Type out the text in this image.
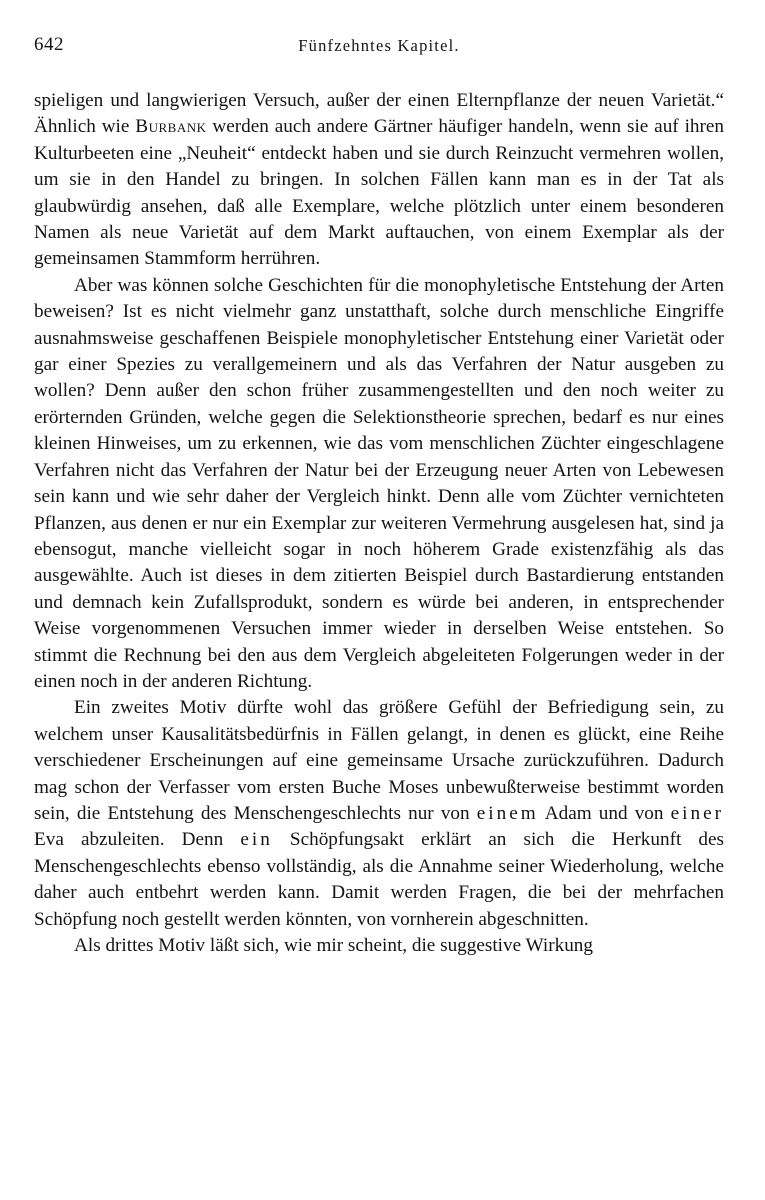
642	Fünfzehntes Kapitel.

spieligen und langwierigen Versuch, außer der einen Elternpflanze der neuen Varietät.“ Ähnlich wie Burbank werden auch andere Gärtner häufiger handeln, wenn sie auf ihren Kulturbeeten eine „Neuheit“ entdeckt haben und sie durch Reinzucht vermehren wollen, um sie in den Handel zu bringen. In solchen Fällen kann man es in der Tat als glaubwürdig ansehen, daß alle Exemplare, welche plötzlich unter einem besonderen Namen als neue Varietät auf dem Markt auftauchen, von einem Exemplar als der gemeinsamen Stammform herrühren.

Aber was können solche Geschichten für die monophyletische Entstehung der Arten beweisen? Ist es nicht vielmehr ganz unstatthaft, solche durch menschliche Eingriffe ausnahmsweise geschaffenen Beispiele monophyletischer Entstehung einer Varietät oder gar einer Spezies zu verallgemeinern und als das Verfahren der Natur ausgeben zu wollen? Denn außer den schon früher zusammengestellten und den noch weiter zu erörternden Gründen, welche gegen die Selektionstheorie sprechen, bedarf es nur eines kleinen Hinweises, um zu erkennen, wie das vom menschlichen Züchter eingeschlagene Verfahren nicht das Verfahren der Natur bei der Erzeugung neuer Arten von Lebewesen sein kann und wie sehr daher der Vergleich hinkt. Denn alle vom Züchter vernichteten Pflanzen, aus denen er nur ein Exemplar zur weiteren Vermehrung ausgelesen hat, sind ja ebensogut, manche vielleicht sogar in noch höherem Grade existenzfähig als das ausgewählte. Auch ist dieses in dem zitierten Beispiel durch Bastardierung entstanden und demnach kein Zufallsprodukt, sondern es würde bei anderen, in entsprechender Weise vorgenommenen Versuchen immer wieder in derselben Weise entstehen. So stimmt die Rechnung bei den aus dem Vergleich abgeleiteten Folgerungen weder in der einen noch in der anderen Richtung.

Ein zweites Motiv dürfte wohl das größere Gefühl der Befriedigung sein, zu welchem unser Kausalitätsbedürfnis in Fällen gelangt, in denen es glückt, eine Reihe verschiedener Erscheinungen auf eine gemeinsame Ursache zurückzuführen. Dadurch mag schon der Verfasser vom ersten Buche Moses unbewußterweise bestimmt worden sein, die Entstehung des Menschengeschlechts nur von einem Adam und von einer Eva abzuleiten. Denn ein Schöpfungsakt erklärt an sich die Herkunft des Menschengeschlechts ebenso vollständig, als die Annahme seiner Wiederholung, welche daher auch entbehrt werden kann. Damit werden Fragen, die bei der mehrfachen Schöpfung noch gestellt werden könnten, von vornherein abgeschnitten.

Als drittes Motiv läßt sich, wie mir scheint, die suggestive Wirkung
